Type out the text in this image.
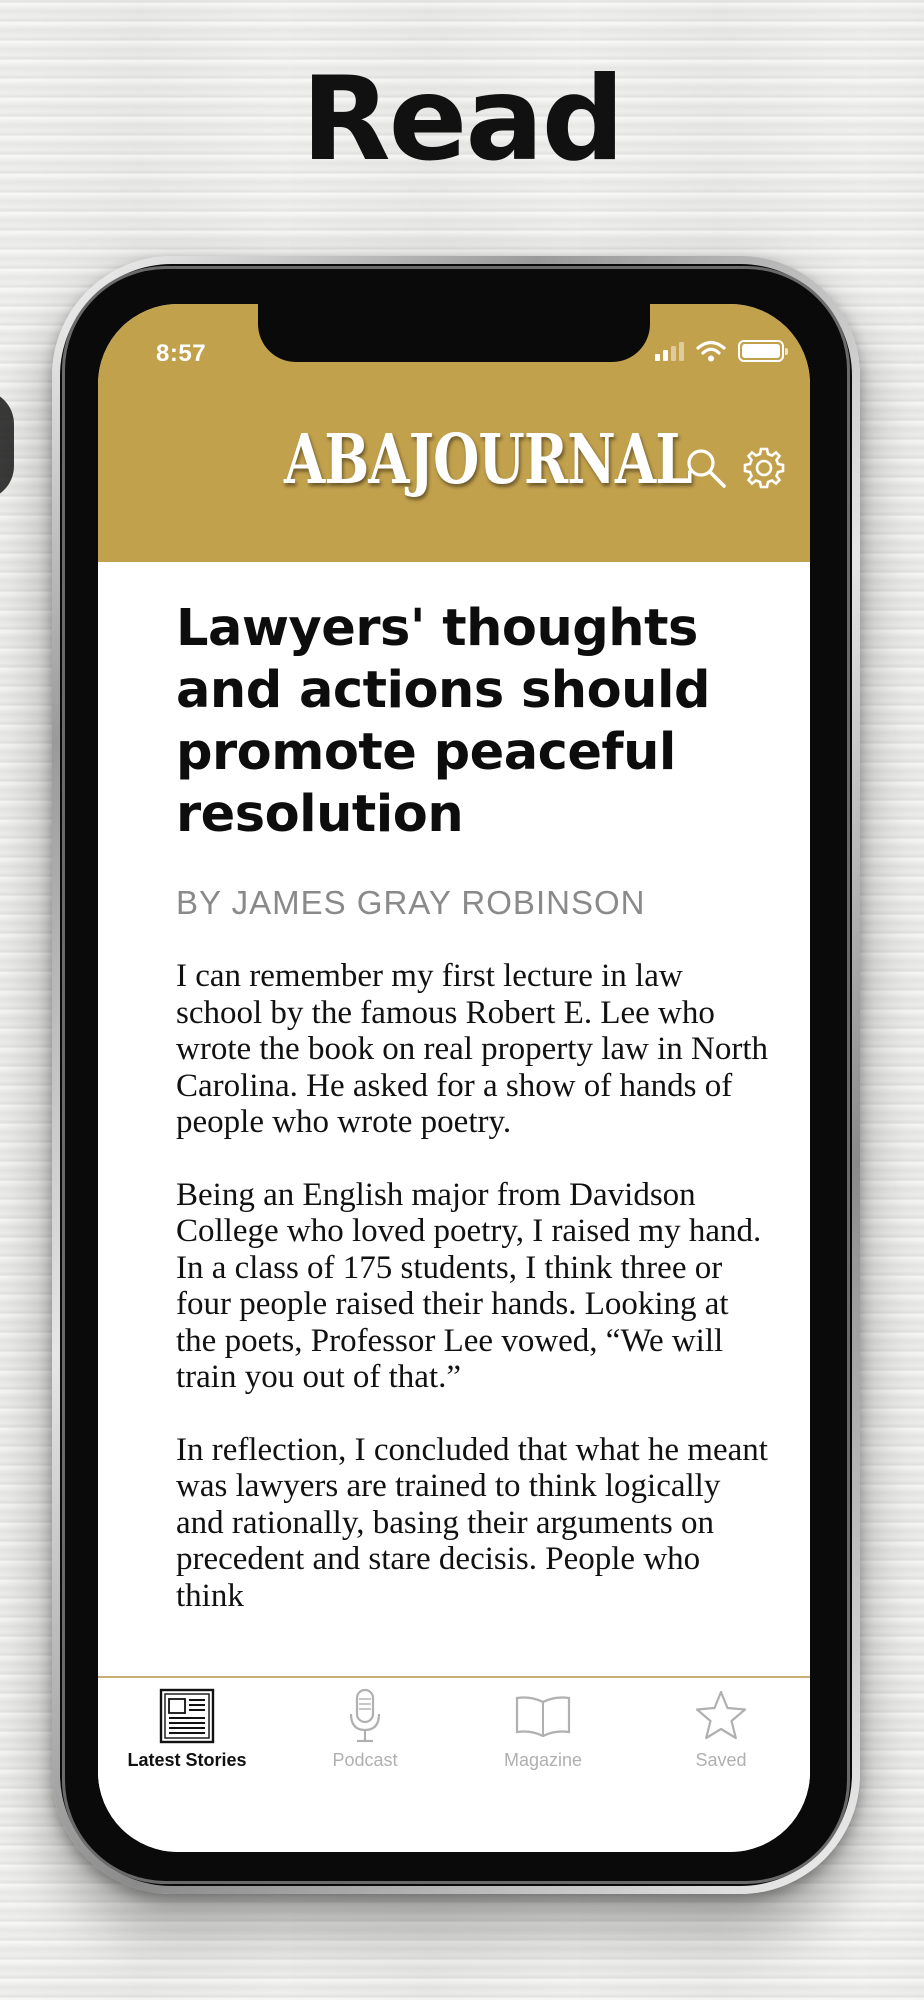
Read
8:57
ABAJOURNAL
Lawyers' thoughts and actions should promote peaceful resolution
BY JAMES GRAY ROBINSON

I can remember my first lecture in law school by the famous Robert E. Lee who wrote the book on real property law in North Carolina. He asked for a show of hands of people who wrote poetry.

Being an English major from Davidson College who loved poetry, I raised my hand. In a class of 175 students, I think three or four people raised their hands. Looking at the poets, Professor Lee vowed, “We will train you out of that.”

In reflection, I concluded that what he meant was lawyers are trained to think logically and rationally, basing their arguments on precedent and stare decisis. People who think

Latest Stories	Podcast	Magazine	Saved
